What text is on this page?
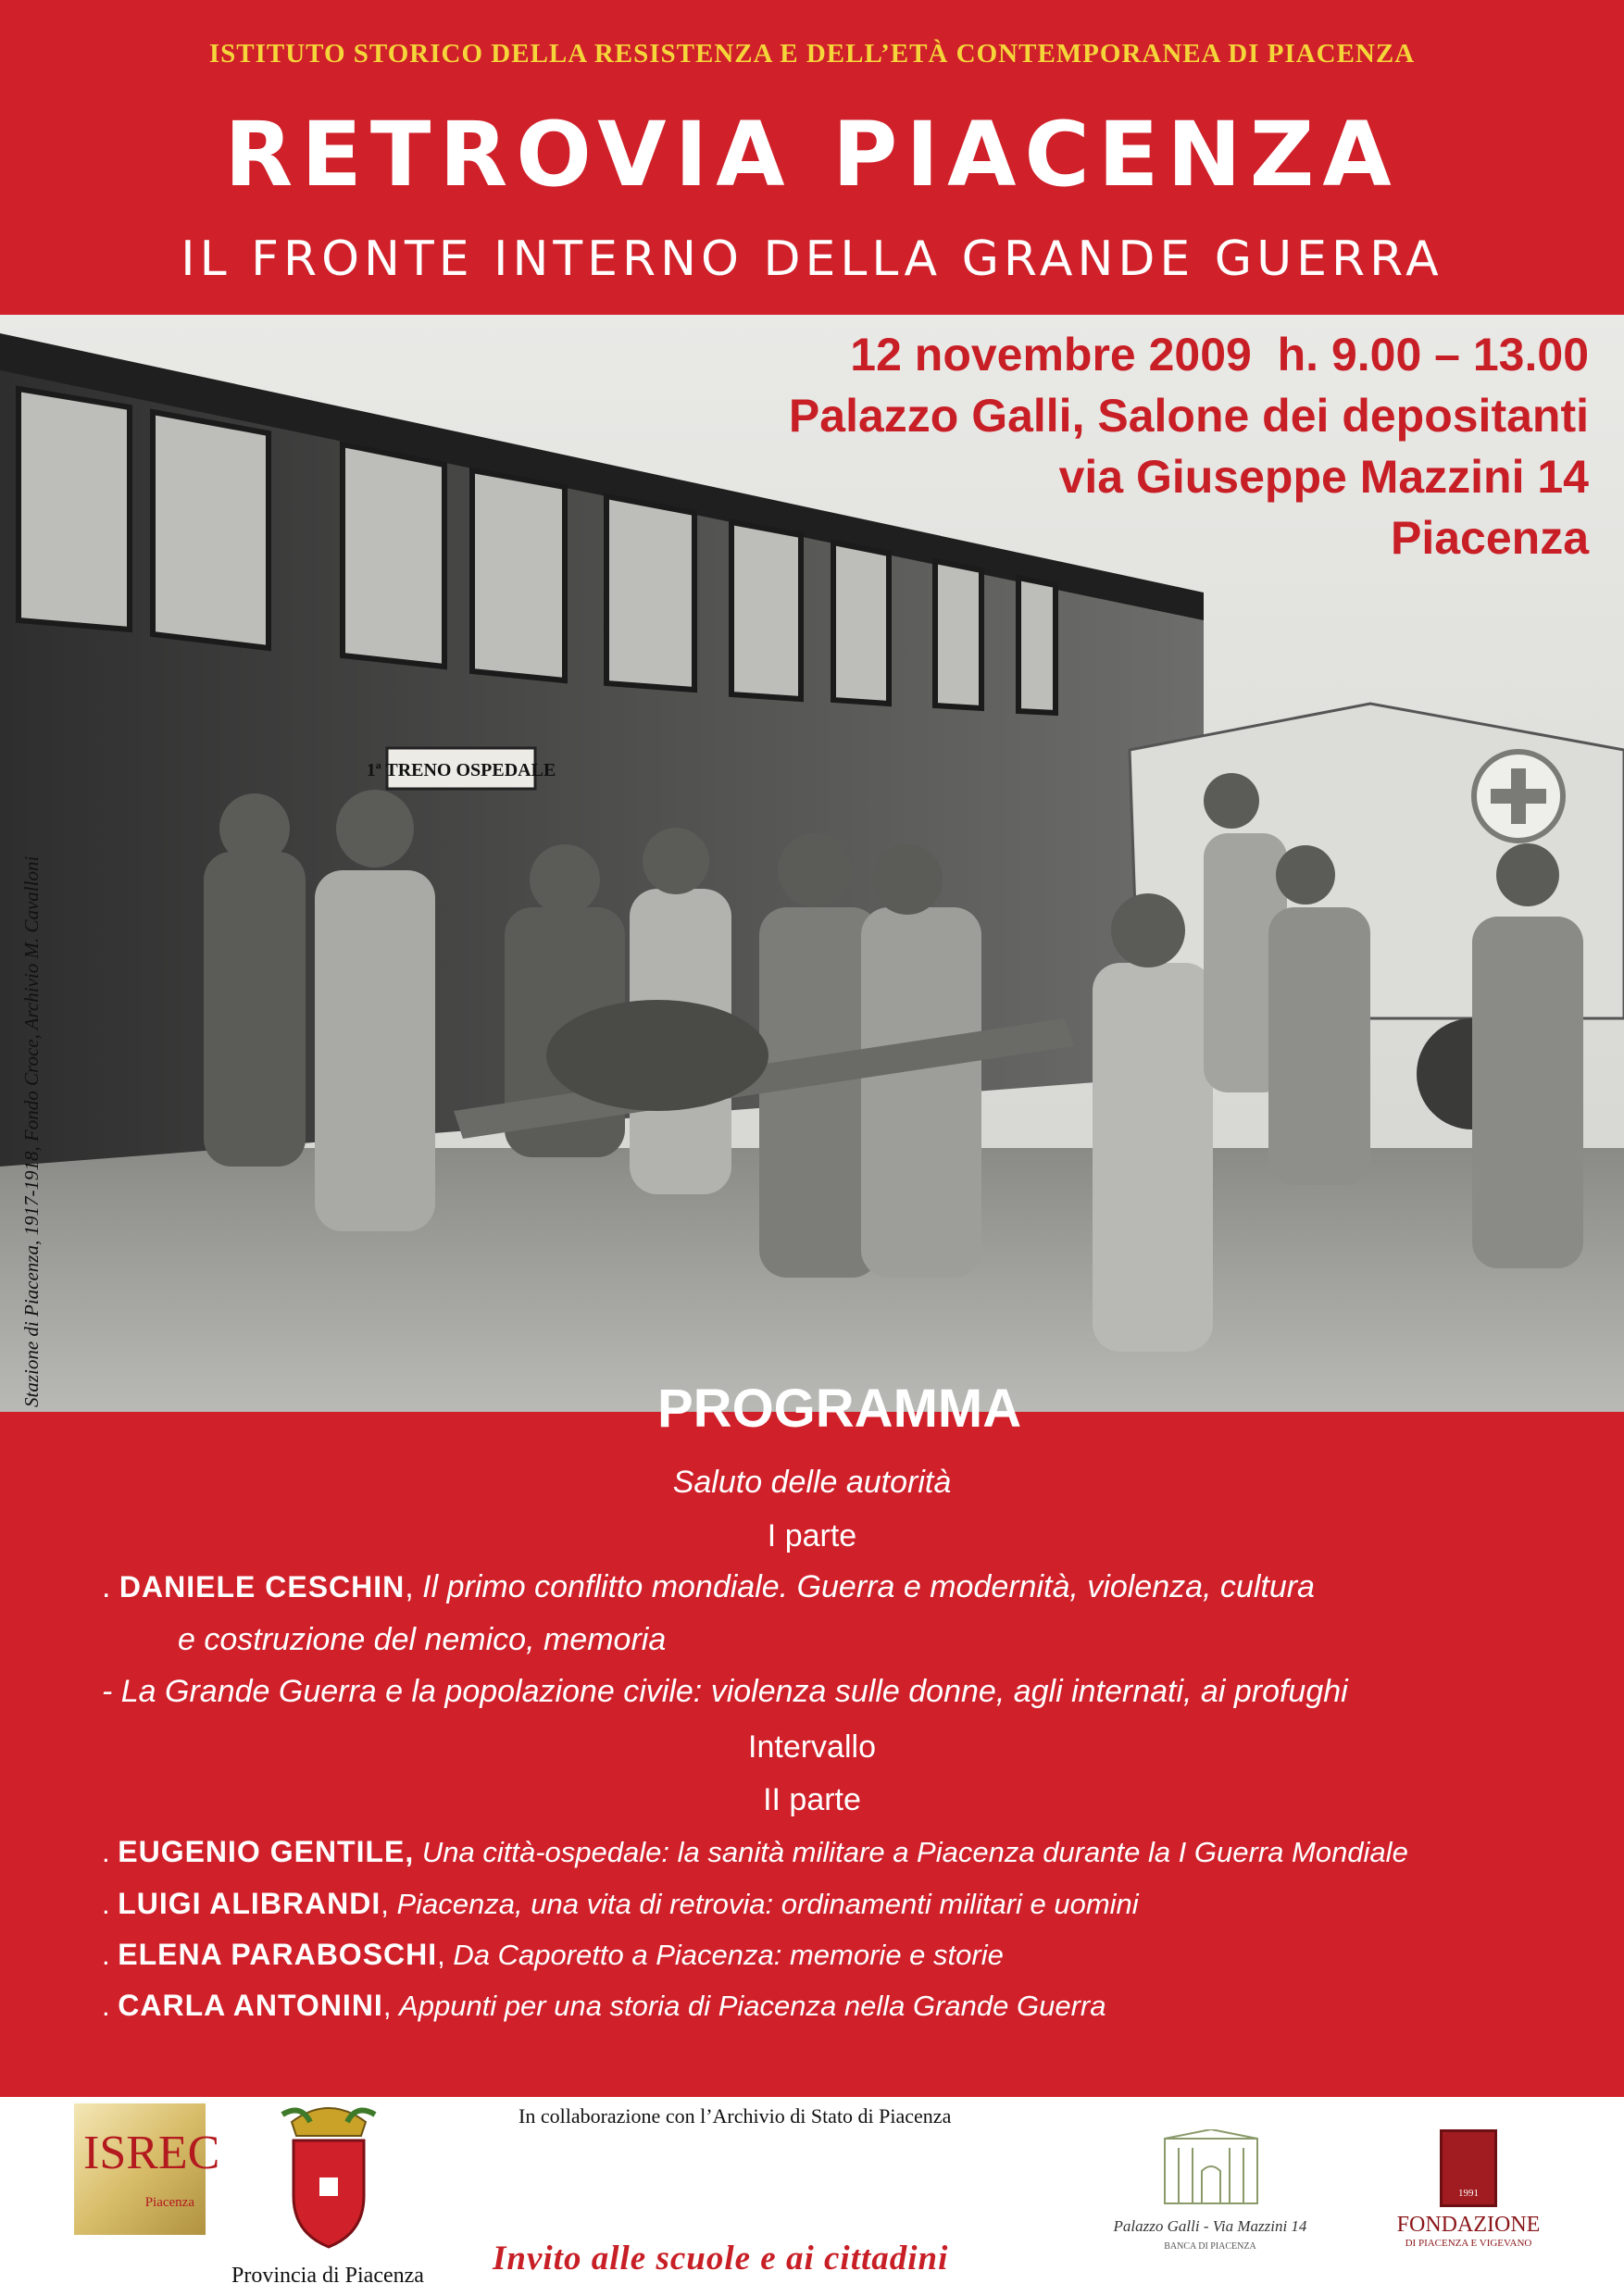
ISTITUTO STORICO DELLA RESISTENZA E DELL’ETÀ CONTEMPORANEA DI PIACENZA
RETROVIA PIACENZA
IL FRONTE INTERNO DELLA GRANDE GUERRA
1ª TRENO OSPEDALE
12 novembre 2009  h. 9.00 – 13.00
Palazzo Galli, Salone dei depositanti
via Giuseppe Mazzini 14
Piacenza
Stazione di Piacenza, 1917-1918, Fondo Croce, Archivio M. Cavalloni
PROGRAMMA
Saluto delle autorità
I parte
. DANIELE CESCHIN, Il primo conflitto mondiale. Guerra e modernità, violenza, cultura
e costruzione del nemico, memoria
- La Grande Guerra e la popolazione civile: violenza sulle donne, agli internati, ai profughi
Intervallo
II parte
. EUGENIO GENTILE, Una città-ospedale: la sanità militare a Piacenza durante la I Guerra Mondiale
. LUIGI ALIBRANDI, Piacenza, una vita di retrovia: ordinamenti militari e uomini
. ELENA PARABOSCHI, Da Caporetto a Piacenza: memorie e storie
. CARLA ANTONINI, Appunti per una storia di Piacenza nella Grande Guerra
ISREC
Piacenza
Provincia di Piacenza
In collaborazione con l’Archivio di Stato di Piacenza
Invito alle scuole e ai cittadini
Palazzo Galli - Via Mazzini 14
BANCA DI PIACENZA
1991
FONDAZIONE
DI PIACENZA E VIGEVANO
